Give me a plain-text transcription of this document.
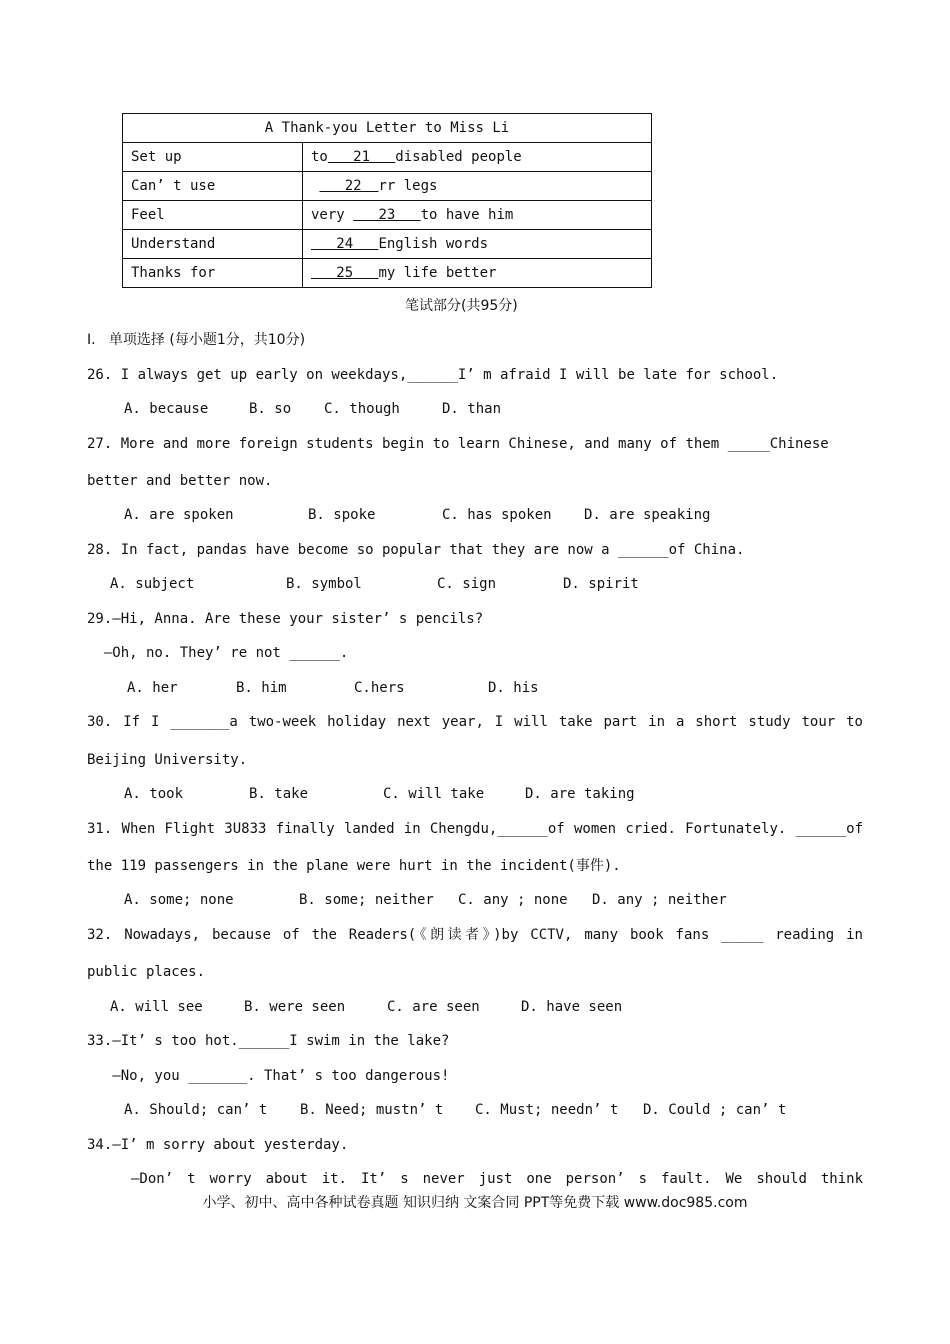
A Thank-you Letter to Miss Li	
Set up	to   21   disabled people
Can’ t use	22  rr legs
Feel	very    23   to have him
Understand	24   English words
Thanks for	25   my life better
笔试部分(共95分)
I.   单项选择 (每小题1分，共10分)
26. I always get up early on weekdays,______I’ m afraid I will be late for school.
A. because	B. so	C. though	D. than
27. More and more foreign students begin to learn Chinese, and many of them _____Chinese
better and better now.
A. are spoken	B. spoke	C. has spoken	D. are speaking
28. In fact, pandas have become so popular that they are now a ______of China.
A. subject	B. symbol	C. sign	D. spirit
29.—Hi, Anna. Are these your sister’ s pencils?
—Oh, no. They’ re not ______.
A. her	B. him	C.hers	D. his
30. If I _______a two-week holiday next year, I will take part in a short study tour to
Beijing University.
A. took	B. take	C. will take	D. are taking
31. When Flight 3U833 finally landed in Chengdu,______of women cried. Fortunately. ______of
the 119 passengers in the plane were hurt in the incident(事件).
A. some; none	B. some; neither	C. any ; none	D. any ; neither
32. Nowadays, because of the Readers(《朗读者》)by CCTV, many book fans _____ reading in
public places.
A. will see	B. were seen	C. are seen	D. have seen
33.—It’ s too hot.______I swim in the lake?
—No, you _______. That’ s too dangerous!
A. Should; can’ t	B. Need; mustn’ t	C. Must; needn’ t	D. Could ; can’ t
34.—I’ m sorry about yesterday.
—Don’ t worry about it. It’ s never just one person’ s fault. We should think
小学、初中、高中各种试卷真题 知识归纳 文案合同 PPT等免费下载 www.doc985.com
